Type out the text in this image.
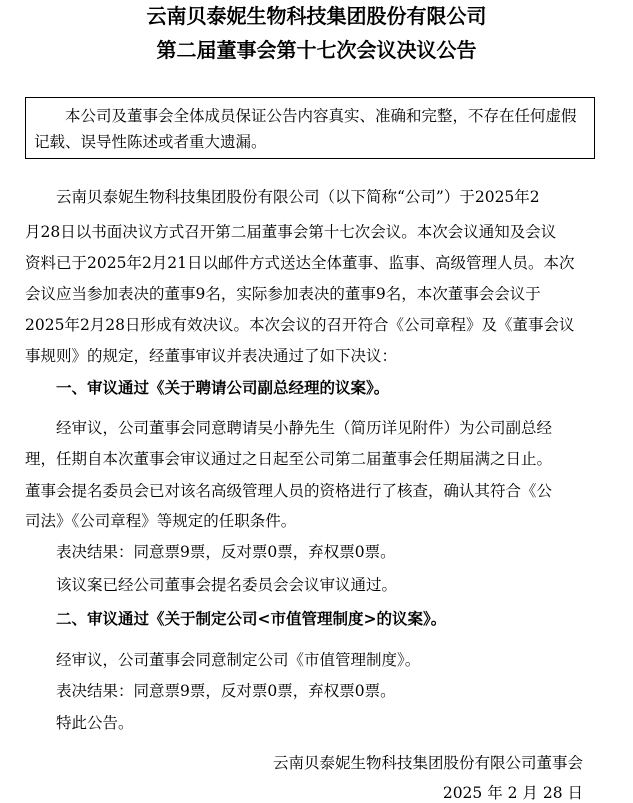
云南贝泰妮生物科技集团股份有限公司
第二届董事会第十七次会议决议公告
本公司及董事会全体成员保证公告内容真实、准确和完整，不存在任何虚假
记载、误导性陈述或者重大遗漏。
云南贝泰妮生物科技集团股份有限公司（以下简称“公司”）于2025年2
月28日以书面决议方式召开第二届董事会第十七次会议。本次会议通知及会议
资料已于2025年2月21日以邮件方式送达全体董事、监事、高级管理人员。本次
会议应当参加表决的董事9名，实际参加表决的董事9名，本次董事会会议于
2025年2月28日形成有效决议。本次会议的召开符合《公司章程》及《董事会议
事规则》的规定，经董事审议并表决通过了如下决议：
一、审议通过《关于聘请公司副总经理的议案》。
经审议，公司董事会同意聘请吴小静先生（简历详见附件）为公司副总经
理，任期自本次董事会审议通过之日起至公司第二届董事会任期届满之日止。
董事会提名委员会已对该名高级管理人员的资格进行了核查，确认其符合《公
司法》《公司章程》等规定的任职条件。
表决结果：同意票9票，反对票0票，弃权票0票。
该议案已经公司董事会提名委员会会议审议通过。
二、审议通过《关于制定公司<市值管理制度>的议案》。
经审议，公司董事会同意制定公司《市值管理制度》。
表决结果：同意票9票，反对票0票，弃权票0票。
特此公告。
云南贝泰妮生物科技集团股份有限公司董事会
2025 年 2 月 28 日
